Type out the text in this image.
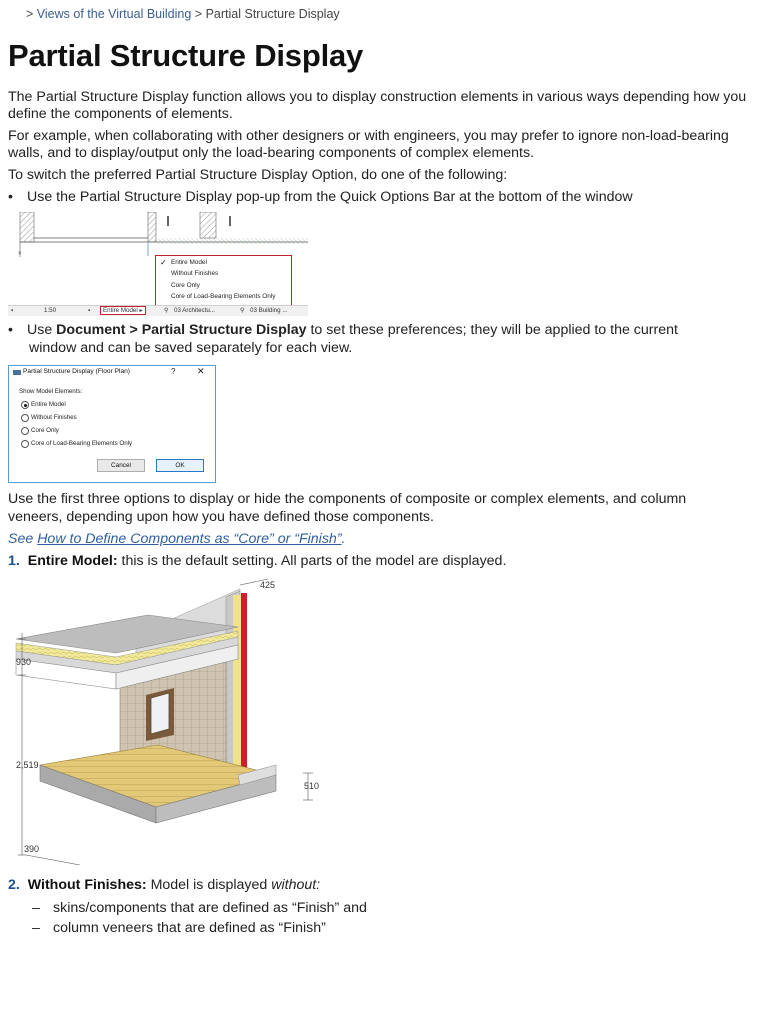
> Views of the Virtual Building > Partial Structure Display
Partial Structure Display
The Partial Structure Display function allows you to display construction elements in various ways depending how you define the components of elements.
For example, when collaborating with other designers or with engineers, you may prefer to ignore non-load-bearing walls, and to display/output only the load-bearing components of complex elements.
To switch the preferred Partial Structure Display Option, do one of the following:
• Use the Partial Structure Display pop-up from the Quick Options Bar at the bottom of the window
×
✓ Entire Model
Without Finishes
Core Only
Core of Load-Bearing Elements Only
▪	1:50	▪	Entire Model ▸	⚲ 03 Architectu...	⚲ 03 Building ...
• Use Document > Partial Structure Display to set these preferences; they will be applied to the current
window and can be saved separately for each view.
Partial Structure Display (Floor Plan)	? ✕
Show Model Elements:
Entire Model
Without Finishes
Core Only
Core of Load-Bearing Elements Only
Cancel	OK
Use the first three options to display or hide the components of composite or complex elements, and column
veneers, depending upon how you have defined those components.
See How to Define Components as “Core” or “Finish”.
1. Entire Model: this is the default setting. All parts of the model are displayed.
425
930
2,519
510
390
2. Without Finishes: Model is displayed without:
– skins/components that are defined as “Finish” and
– column veneers that are defined as “Finish”
